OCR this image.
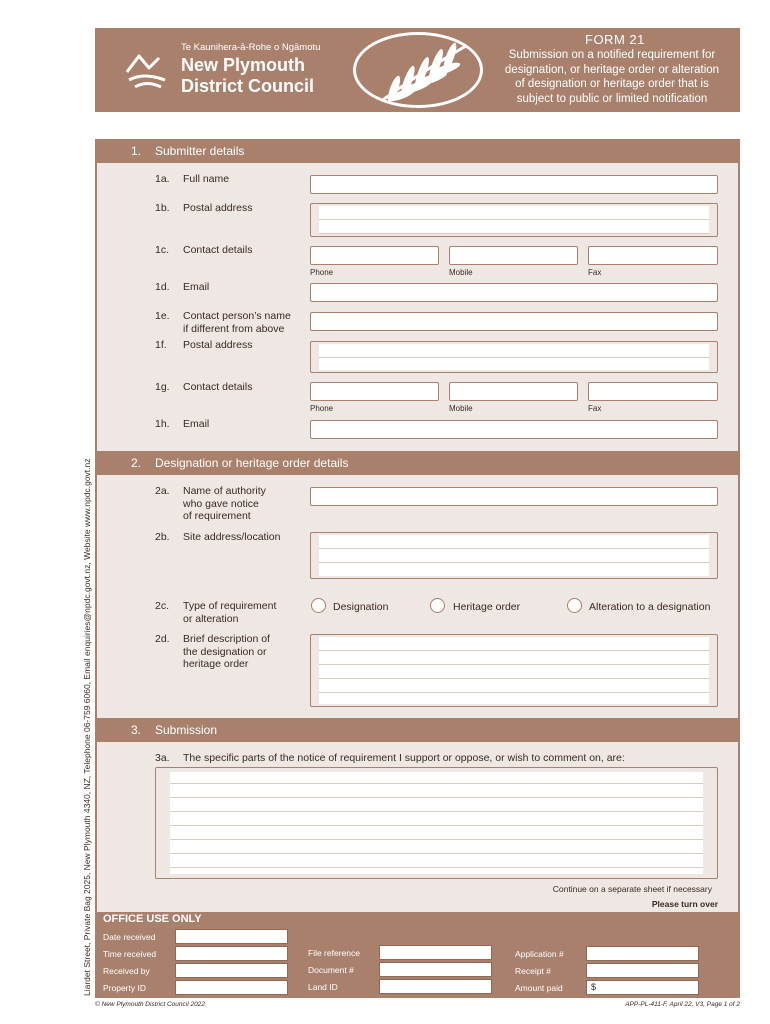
Te Kaunihera-ā-Rohe o Ngāmotu
New Plymouth
District Council
FORM 21
Submission on a notified requirement for
designation, or heritage order or alteration
of designation or heritage order that is
subject to public or limited notification
Liardet Street, Private Bag 2025, New Plymouth 4340, NZ, Telephone 06-759 6060, Email enquiries@npdc.govt.nz, Website www.npdc.govt.nz
1. Submitter details
1a. Full name
1b. Postal address
1c. Contact details
Phone	Mobile	Fax
1d. Email
1e. Contact person’s name
if different from above
1f. Postal address
1g. Contact details
Phone	Mobile	Fax
1h. Email
2. Designation or heritage order details
2a. Name of authority
who gave notice
of requirement
2b. Site address/location
2c. Type of requirement
or alteration
Designation	Heritage order	Alteration to a designation
2d. Brief description of
the designation or
heritage order
3. Submission
3a. The specific parts of the notice of requirement I support or oppose, or wish to comment on, are:
Continue on a separate sheet if necessary
Please turn over
OFFICE USE ONLY
Date received
Time received	File reference	Application #
Received by	Document #	Receipt #
Property ID	Land ID	Amount paid	$
© New Plymouth District Council 2022	APP-PL-411-F, April 22, V3, Page 1 of 2
